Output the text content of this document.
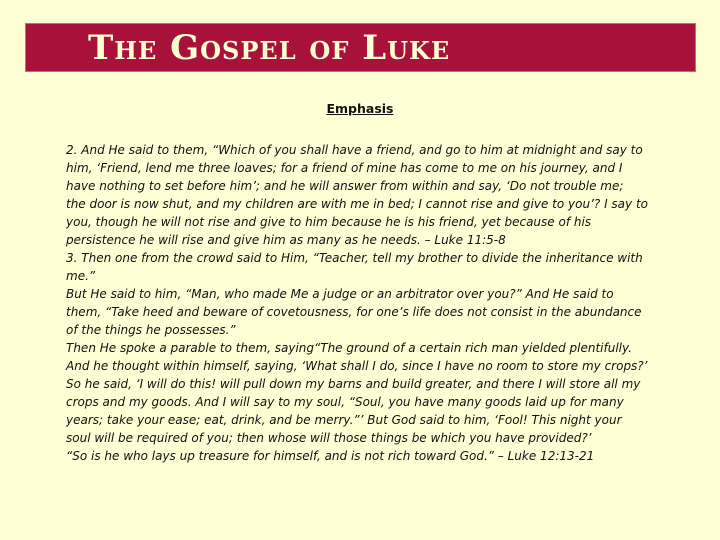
The Gospel of Luke
Emphasis
2. And He said to them, “Which of you shall have a friend, and go to him at midnight and say to
him, ‘Friend, lend me three loaves; for a friend of mine has come to me on his journey, and I
have nothing to set before him’; and he will answer from within and say, ‘Do not trouble me;
the door is now shut, and my children are with me in bed; I cannot rise and give to you’? I say to
you, though he will not rise and give to him because he is his friend, yet because of his
persistence he will rise and give him as many as he needs. – Luke 11:5-8
3. Then one from the crowd said to Him, “Teacher, tell my brother to divide the inheritance with
me.”
But He said to him, “Man, who made Me a judge or an arbitrator over you?” And He said to
them, “Take heed and beware of covetousness, for one’s life does not consist in the abundance
of the things he possesses.”
Then He spoke a parable to them, saying“The ground of a certain rich man yielded plentifully.
And he thought within himself, saying, ‘What shall I do, since I have no room to store my crops?’
So he said, ‘I will do this! will pull down my barns and build greater, and there I will store all my
crops and my goods. And I will say to my soul, “Soul, you have many goods laid up for many
years; take your ease; eat, drink, and be merry.”’ But God said to him, ‘Fool! This night your
soul will be required of you; then whose will those things be which you have provided?’
“So is he who lays up treasure for himself, and is not rich toward God.” – Luke 12:13-21
